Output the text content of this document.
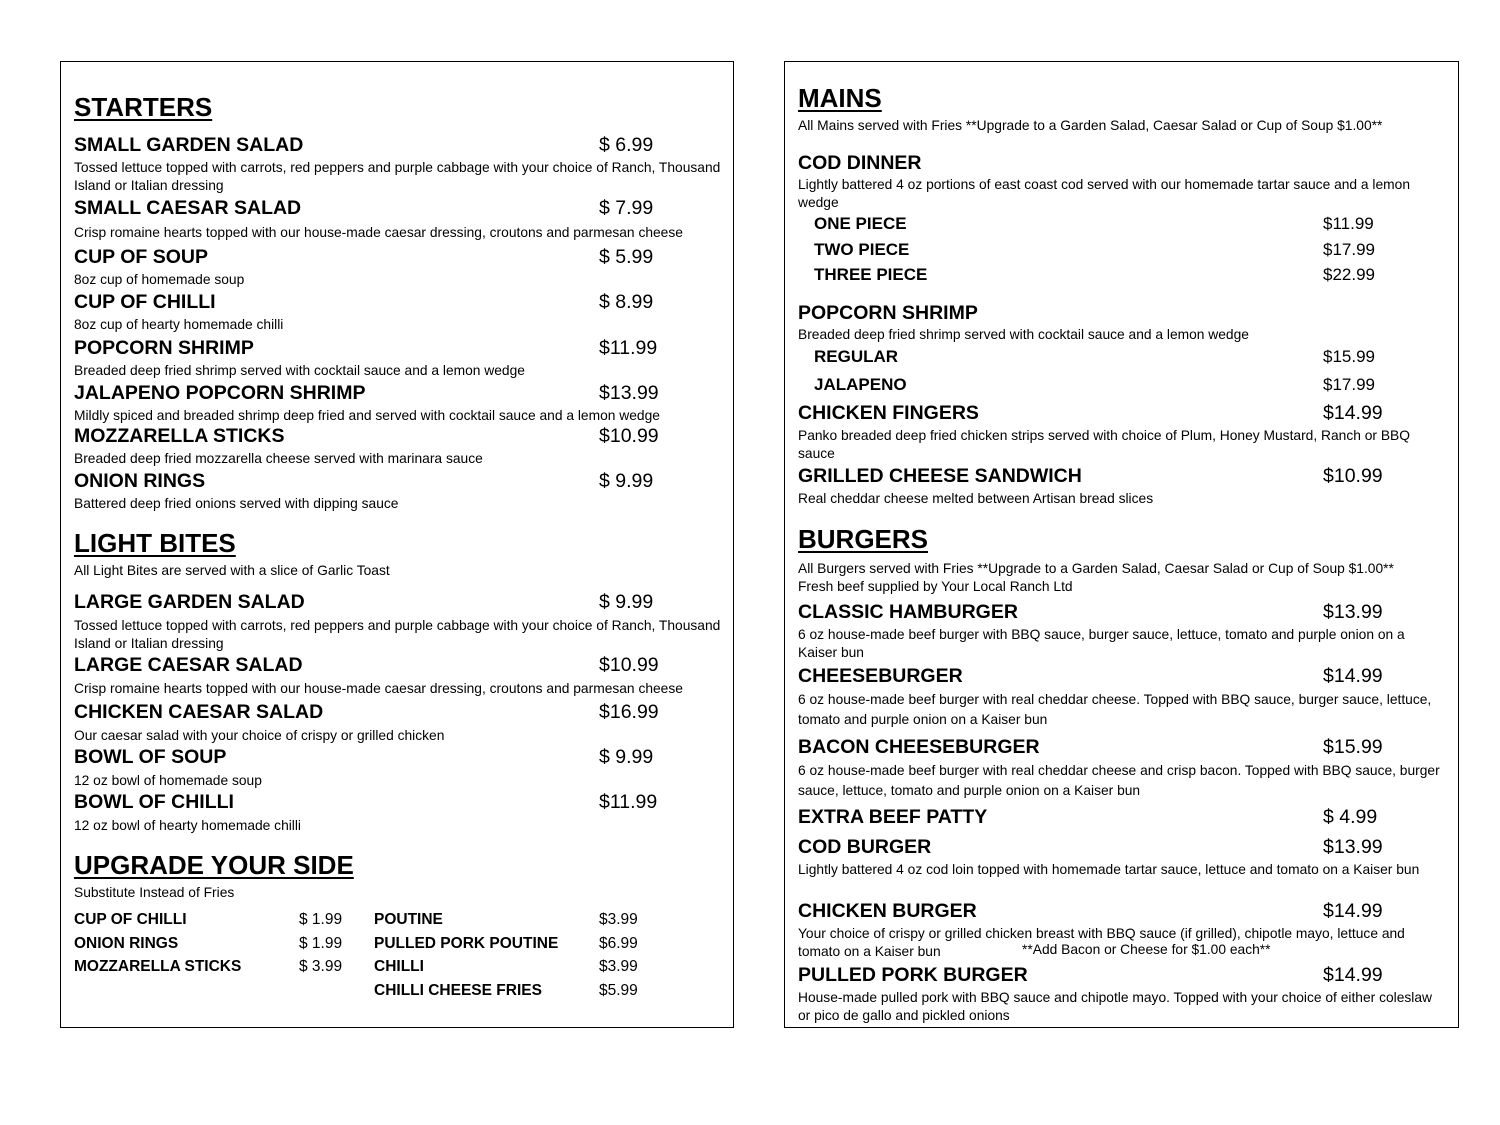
STARTERS
SMALL GARDEN SALAD	$ 6.99
Tossed lettuce topped with carrots, red peppers and purple cabbage with your choice of Ranch, Thousand Island or Italian dressing
SMALL CAESAR SALAD	$ 7.99
Crisp romaine hearts topped with our house-made caesar dressing, croutons and parmesan cheese
CUP OF SOUP	$ 5.99
8oz cup of homemade soup
CUP OF CHILLI	$ 8.99
8oz cup of hearty homemade chilli
POPCORN SHRIMP	$11.99
Breaded deep fried shrimp served with cocktail sauce and a lemon wedge
JALAPENO POPCORN SHRIMP	$13.99
Mildly spiced and breaded shrimp deep fried and served with cocktail sauce and a lemon wedge
MOZZARELLA STICKS	$10.99
Breaded deep fried mozzarella cheese served with marinara sauce
ONION RINGS	$ 9.99
Battered deep fried onions served with dipping sauce
LIGHT BITES
All Light Bites are served with a slice of Garlic Toast
LARGE GARDEN SALAD	$ 9.99
Tossed lettuce topped with carrots, red peppers and purple cabbage with your choice of Ranch, Thousand Island or Italian dressing
LARGE CAESAR SALAD	$10.99
Crisp romaine hearts topped with our house-made caesar dressing, croutons and parmesan cheese
CHICKEN CAESAR SALAD	$16.99
Our caesar salad with your choice of crispy or grilled chicken
BOWL OF SOUP	$ 9.99
12 oz bowl of homemade soup
BOWL OF CHILLI	$11.99
12 oz bowl of hearty homemade chilli
UPGRADE YOUR SIDE
Substitute Instead of Fries
CUP OF CHILLI	$ 1.99
ONION RINGS	$ 1.99
MOZZARELLA STICKS	$ 3.99
POUTINE	$3.99
PULLED PORK POUTINE	$6.99
CHILLI	$3.99
CHILLI CHEESE FRIES	$5.99
MAINS
All Mains served with Fries **Upgrade to a Garden Salad, Caesar Salad or Cup of Soup $1.00**
COD DINNER
Lightly battered 4 oz portions of east coast cod served with our homemade tartar sauce and a lemon wedge
ONE PIECE	$11.99
TWO PIECE	$17.99
THREE PIECE	$22.99
POPCORN SHRIMP
Breaded deep fried shrimp served with cocktail sauce and a lemon wedge
REGULAR	$15.99
JALAPENO	$17.99
CHICKEN FINGERS	$14.99
Panko breaded deep fried chicken strips served with choice of Plum, Honey Mustard, Ranch or BBQ sauce
GRILLED CHEESE SANDWICH	$10.99
Real cheddar cheese melted between Artisan bread slices
BURGERS
All Burgers served with Fries **Upgrade to a Garden Salad, Caesar Salad or Cup of Soup $1.00**
Fresh beef supplied by Your Local Ranch Ltd
CLASSIC HAMBURGER	$13.99
6 oz house-made beef burger with BBQ sauce, burger sauce, lettuce, tomato and purple onion on a Kaiser bun
CHEESEBURGER	$14.99
6 oz house-made beef burger with real cheddar cheese. Topped with BBQ sauce, burger sauce, lettuce, tomato and purple onion on a Kaiser bun
BACON CHEESEBURGER	$15.99
6 oz house-made beef burger with real cheddar cheese and crisp bacon. Topped with BBQ sauce, burger sauce, lettuce, tomato and purple onion on a Kaiser bun
EXTRA BEEF PATTY	$ 4.99
COD BURGER	$13.99
Lightly battered 4 oz cod loin topped with homemade tartar sauce, lettuce and tomato on a Kaiser bun
CHICKEN BURGER	$14.99
Your choice of crispy or grilled chicken breast with BBQ sauce (if grilled), chipotle mayo, lettuce and tomato on a Kaiser bun
PULLED PORK BURGER	$14.99
House-made pulled pork with BBQ sauce and chipotle mayo. Topped with your choice of either coleslaw or pico de gallo and pickled onions
**Add Bacon or Cheese for $1.00 each**
